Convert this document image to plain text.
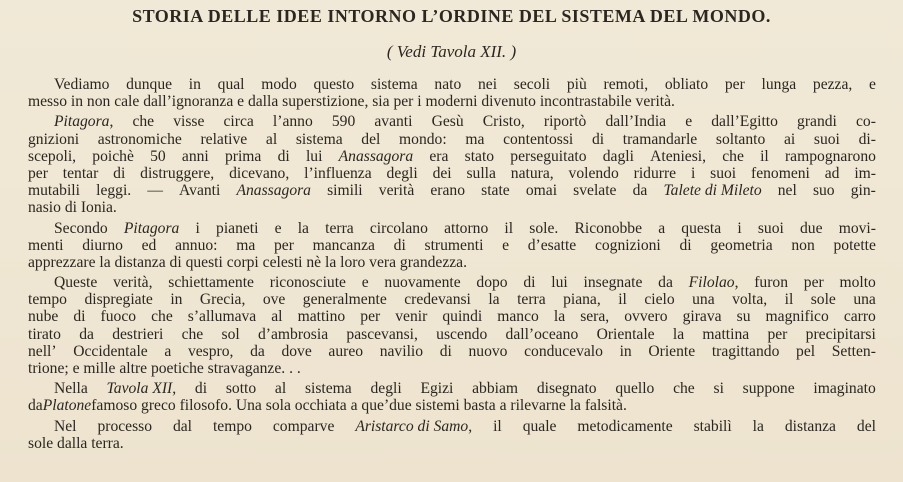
STORIA DELLE IDEE INTORNO L’ORDINE DEL SISTEMA DEL MONDO.
( Vedi Tavola XII. )
Vediamo dunque in qual modo questo sistema nato nei secoli più remoti, obliato per lunga pezza, e
messo in non cale dall’ignoranza e dalla superstizione, sia per i moderni divenuto incontrastabile verità.
Pitagora, che visse circa l’anno 590 avanti Gesù Cristo, riportò dall’India e dall’Egitto grandi co-
gnizioni astronomiche relative al sistema del mondo: ma contentossi di tramandarle soltanto ai suoi di-
scepoli, poichè 50 anni prima di lui Anassagora era stato perseguitato dagli Ateniesi, che il rampognarono
per tentar di distruggere, dicevano, l’influenza degli dei sulla natura, volendo ridurre i suoi fenomeni ad im-
mutabili leggi. — Avanti Anassagora simili verità erano state omai svelate da Talete di Mileto nel suo gin-
nasio di Ionia.
Secondo Pitagora i pianeti e la terra circolano attorno il sole. Riconobbe a questa i suoi due movi-
menti diurno ed annuo: ma per mancanza di strumenti e d’esatte cognizioni di geometria non potette
apprezzare la distanza di questi corpi celesti nè la loro vera grandezza.
Queste verità, schiettamente riconosciute e nuovamente dopo di lui insegnate da Filolao, furon per molto
tempo dispregiate in Grecia, ove generalmente credevansi la terra piana, il cielo una volta, il sole una
nube di fuoco che s’allumava al mattino per venir quindi manco la sera, ovvero girava su magnifico carro
tirato da destrieri che sol d’ambrosia pascevansi, uscendo dall’oceano Orientale la mattina per precipitarsi
nell’ Occidentale a vespro, da dove aureo navilio di nuovo conducevalo in Oriente tragittando pel Setten-
trione; e mille altre poetiche stravaganze. . .
Nella Tavola XII, di sotto al sistema degli Egizi abbiam disegnato quello che si suppone imaginato
da Platone famoso greco filosofo. Una sola occhiata a que’due sistemi basta a rilevarne la falsità.
Nel processo dal tempo comparve Aristarco di Samo, il quale metodicamente stabilì la distanza del
sole dalla terra.
